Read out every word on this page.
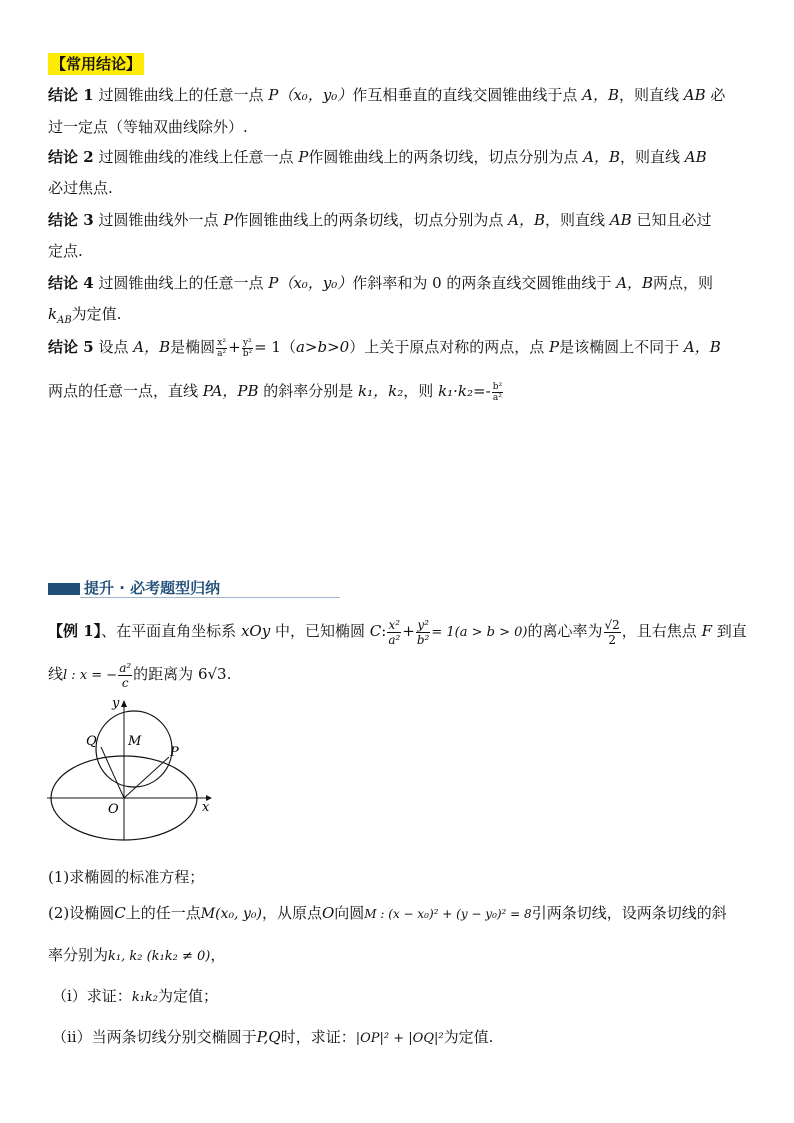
【常用结论】
结论 1 过圆锥曲线上的任意一点 P（x₀，y₀）作互相垂直的直线交圆锥曲线于点 A，B，则直线 AB 必
过一定点（等轴双曲线除外）.
结论 2 过圆锥曲线的准线上任意一点 P作圆锥曲线上的两条切线，切点分别为点 A，B，则直线 AB
必过焦点.
结论 3 过圆锥曲线外一点 P作圆锥曲线上的两条切线，切点分别为点 A，B，则直线 AB 已知且必过
定点.
结论 4 过圆锥曲线上的任意一点 P（x₀，y₀）作斜率和为 0 的两条直线交圆锥曲线于 A，B两点，则
$k_{AB}$为定值.
结论 5 设点 A，B是椭圆 $\frac{\text{x²}}{\text{a²}} + \frac{\text{y²}}{\text{b²}} = 1(a>b>0)$上关于原点对称的两点，点 P是该椭圆上不同于 A，B
两点的任意一点，直线 PA，PB 的斜率分别是 k₁，k₂，则 $k_1\cdot k_2=- \frac{\text{b²}}{\text{a²}}$
提升 · 必考题型归纳
【例 1】、在平面直角坐标系 xOy 中，已知椭圆 C: $\frac{\text{x²}}{\text{a²}} + \frac{\text{y²}}{\text{b²}} = 1(a > b > 0)$的离心率为 $\frac{√2}{2}$ ，且右焦点 F 到直
线l : x = − $\frac{\text{a²}}{c}$ 的距离为 6√3.
y
x
O
Q M
P
(1)求椭圆的标准方程；
(2)设椭圆C上的任一点M(x₀, y₀)，从原点O向圆M : (x − x₀)² + (y − y₀)² = 8引两条切线，设两条切线的斜
率分别为k₁, k₂ (k₁k₂ ≠ 0)，
（i）求证：k₁k₂为定值；
（ii）当两条切线分别交椭圆于P,Q时，求证：|OP|² + |OQ|²为定值.
